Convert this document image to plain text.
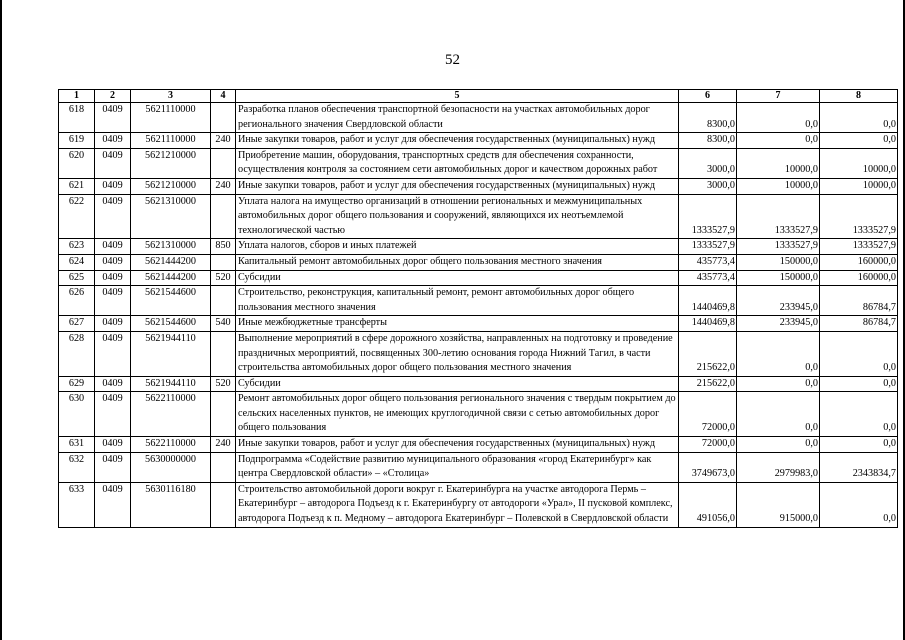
52
1	2	3	4	5	6	7	8
618	0409	5621110000		Разработка планов обеспечения транспортной безопасности на участках автомобильных дорог регионального значения Свердловской области	8300,0	0,0	0,0
619	0409	5621110000	240	Иные закупки товаров, работ и услуг для обеспечения государственных (муниципальных) нужд	8300,0	0,0	0,0
620	0409	5621210000		Приобретение машин, оборудования, транспортных средств для обеспечения сохранности, осуществления контроля за состоянием сети автомобильных дорог и качеством дорожных работ	3000,0	10000,0	10000,0
621	0409	5621210000	240	Иные закупки товаров, работ и услуг для обеспечения государственных (муниципальных) нужд	3000,0	10000,0	10000,0
622	0409	5621310000		Уплата налога на имущество организаций в отношении региональных и межмуниципальных автомобильных дорог общего пользования и сооружений, являющихся их неотъемлемой технологической частью	1333527,9	1333527,9	1333527,9
623	0409	5621310000	850	Уплата налогов, сборов и иных платежей	1333527,9	1333527,9	1333527,9
624	0409	5621444200		Капитальный ремонт автомобильных дорог общего пользования местного значения	435773,4	150000,0	160000,0
625	0409	5621444200	520	Субсидии	435773,4	150000,0	160000,0
626	0409	5621544600		Строительство, реконструкция, капитальный ремонт, ремонт автомобильных дорог общего пользования местного значения	1440469,8	233945,0	86784,7
627	0409	5621544600	540	Иные межбюджетные трансферты	1440469,8	233945,0	86784,7
628	0409	5621944110		Выполнение мероприятий в сфере дорожного хозяйства, направленных на подготовку и проведение праздничных мероприятий, посвященных 300-летию основания города Нижний Тагил, в части строительства автомобильных дорог общего пользования местного значения	215622,0	0,0	0,0
629	0409	5621944110	520	Субсидии	215622,0	0,0	0,0
630	0409	5622110000		Ремонт автомобильных дорог общего пользования регионального значения с твердым покрытием до сельских населенных пунктов, не имеющих круглогодичной связи с сетью автомобильных дорог общего пользования	72000,0	0,0	0,0
631	0409	5622110000	240	Иные закупки товаров, работ и услуг для обеспечения государственных (муниципальных) нужд	72000,0	0,0	0,0
632	0409	5630000000		Подпрограмма «Содействие развитию муниципального образования «город Екатеринбург» как центра Свердловской области» – «Столица»	3749673,0	2979983,0	2343834,7
633	0409	5630116180		Строительство автомобильной дороги вокруг г. Екатеринбурга на участке автодорога Пермь – Екатеринбург – автодорога Подъезд к г. Екатеринбургу от автодороги «Урал», II пусковой комплекс, автодорога Подъезд к п. Медному – автодорога Екатеринбург – Полевской в Свердловской области	491056,0	915000,0	0,0
